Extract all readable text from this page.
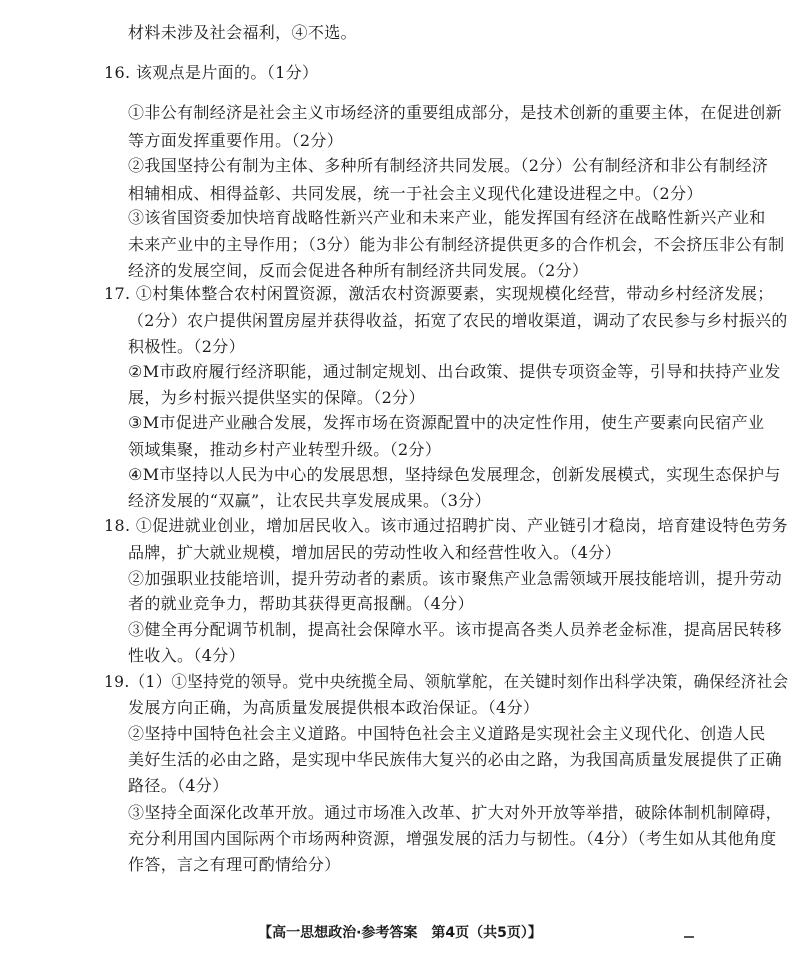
材料未涉及社会福利，④不选。
16. 该观点是片面的。（1分）
①非公有制经济是社会主义市场经济的重要组成部分，是技术创新的重要主体，在促进创新
等方面发挥重要作用。（2分）
②我国坚持公有制为主体、多种所有制经济共同发展。（2分）公有制经济和非公有制经济
相辅相成、相得益彰、共同发展，统一于社会主义现代化建设进程之中。（2分）
③该省国资委加快培育战略性新兴产业和未来产业，能发挥国有经济在战略性新兴产业和
未来产业中的主导作用；（3分）能为非公有制经济提供更多的合作机会，不会挤压非公有制
经济的发展空间，反而会促进各种所有制经济共同发展。（2分）
17. ①村集体整合农村闲置资源，激活农村资源要素，实现规模化经营，带动乡村经济发展；
（2分）农户提供闲置房屋并获得收益，拓宽了农民的增收渠道，调动了农民参与乡村振兴的
积极性。（2分）
②M市政府履行经济职能，通过制定规划、出台政策、提供专项资金等，引导和扶持产业发
展，为乡村振兴提供坚实的保障。（2分）
③M市促进产业融合发展，发挥市场在资源配置中的决定性作用，使生产要素向民宿产业
领域集聚，推动乡村产业转型升级。（2分）
④M市坚持以人民为中心的发展思想，坚持绿色发展理念，创新发展模式，实现生态保护与
经济发展的“双赢”，让农民共享发展成果。（3分）
18. ①促进就业创业，增加居民收入。该市通过招聘扩岗、产业链引才稳岗，培育建设特色劳务
品牌，扩大就业规模，增加居民的劳动性收入和经营性收入。（4分）
②加强职业技能培训，提升劳动者的素质。该市聚焦产业急需领域开展技能培训，提升劳动
者的就业竞争力，帮助其获得更高报酬。（4分）
③健全再分配调节机制，提高社会保障水平。该市提高各类人员养老金标准，提高居民转移
性收入。（4分）
19.（1）①坚持党的领导。党中央统揽全局、领航掌舵，在关键时刻作出科学决策，确保经济社会
发展方向正确，为高质量发展提供根本政治保证。（4分）
②坚持中国特色社会主义道路。中国特色社会主义道路是实现社会主义现代化、创造人民
美好生活的必由之路，是实现中华民族伟大复兴的必由之路，为我国高质量发展提供了正确
路径。（4分）
③坚持全面深化改革开放。通过市场准入改革、扩大对外开放等举措，破除体制机制障碍，
充分利用国内国际两个市场两种资源，增强发展的活力与韧性。（4分）（考生如从其他角度
作答，言之有理可酌情给分）
【高一思想政治·参考答案　第4页（共5页）】
